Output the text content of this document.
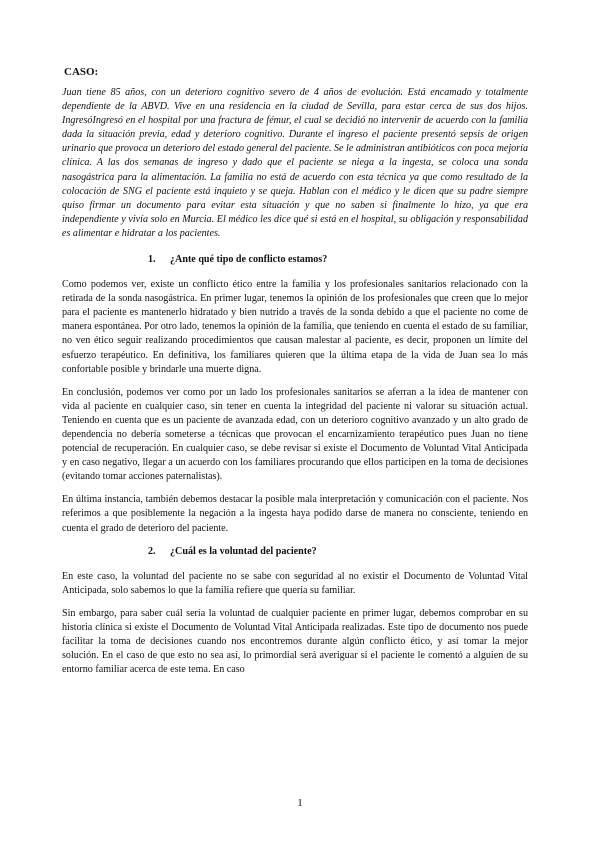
CASO:

Juan tiene 85 años, con un deterioro cognitivo severo de 4 años de evolución. Está encamado y totalmente dependiente de la ABVD. Vive en una residencia en la ciudad de Sevilla, para estar cerca de sus dos hijos. IngresóIngresó en el hospital por una fractura de fémur, el cual se decidió no intervenir de acuerdo con la familia dada la situación previa, edad y deterioro cognitivo. Durante el ingreso el paciente presentó sepsis de origen urinario que provoca un deterioro del estado general del paciente. Se le administran antibióticos con poca mejoría clínica. A las dos semanas de ingreso y dado que el paciente se niega a la ingesta, se coloca una sonda nasogástrica para la alimentación. La familia no está de acuerdo con esta técnica ya que como resultado de la colocación de SNG el paciente está inquieto y se queja. Hablan con el médico y le dicen que su padre siempre quiso firmar un documento para evitar esta situación y que no saben si finalmente lo hizo, ya que era independiente y vivía solo en Murcia. El médico les dice qué si está en el hospital, su obligación y responsabilidad es alimentar e hidratar a los pacientes.

1. ¿Ante qué tipo de conflicto estamos?

Como podemos ver, existe un conflicto ético entre la familia y los profesionales sanitarios relacionado con la retirada de la sonda nasogástrica. En primer lugar, tenemos la opinión de los profesionales que creen que lo mejor para el paciente es mantenerlo hidratado y bien nutrido a través de la sonda debido a que el paciente no come de manera espontánea. Por otro lado, tenemos la opinión de la familia, que teniendo en cuenta el estado de su familiar, no ven ético seguir realizando procedimientos que causan malestar al paciente, es decir, proponen un límite del esfuerzo terapéutico. En definitiva, los familiares quieren que la última etapa de la vida de Juan sea lo más confortable posible y brindarle una muerte digna.

En conclusión, podemos ver como por un lado los profesionales sanitarios se aferran a la idea de mantener con vida al paciente en cualquier caso, sin tener en cuenta la integridad del paciente ni valorar su situación actual. Teniendo en cuenta que es un paciente de avanzada edad, con un deterioro cognitivo avanzado y un alto grado de dependencia no debería someterse a técnicas que provocan el encarnizamiento terapéutico pues Juan no tiene potencial de recuperación. En cualquier caso, se debe revisar si existe el Documento de Voluntad Vital Anticipada y en caso negativo, llegar a un acuerdo con los familiares procurando que ellos participen en la toma de decisiones (evitando tomar acciones paternalistas).

En última instancia, también debemos destacar la posible mala interpretación y comunicación con el paciente. Nos referimos a que posiblemente la negación a la ingesta haya podido darse de manera no consciente, teniendo en cuenta el grado de deterioro del paciente.

2. ¿Cuál es la voluntad del paciente?

En este caso, la voluntad del paciente no se sabe con seguridad al no existir el Documento de Voluntad Vital Anticipada, solo sabemos lo que la familia refiere que quería su familiar.

Sin embargo, para saber cuál sería la voluntad de cualquier paciente en primer lugar, debemos comprobar en su historia clínica si existe el Documento de Voluntad Vital Anticipada realizadas. Este tipo de documento nos puede facilitar la toma de decisiones cuando nos encontremos durante algún conflicto ético, y así tomar la mejor solución. En el caso de que esto no sea así, lo primordial será averiguar si el paciente le comentó a alguien de su entorno familiar acerca de este tema. En caso

1
